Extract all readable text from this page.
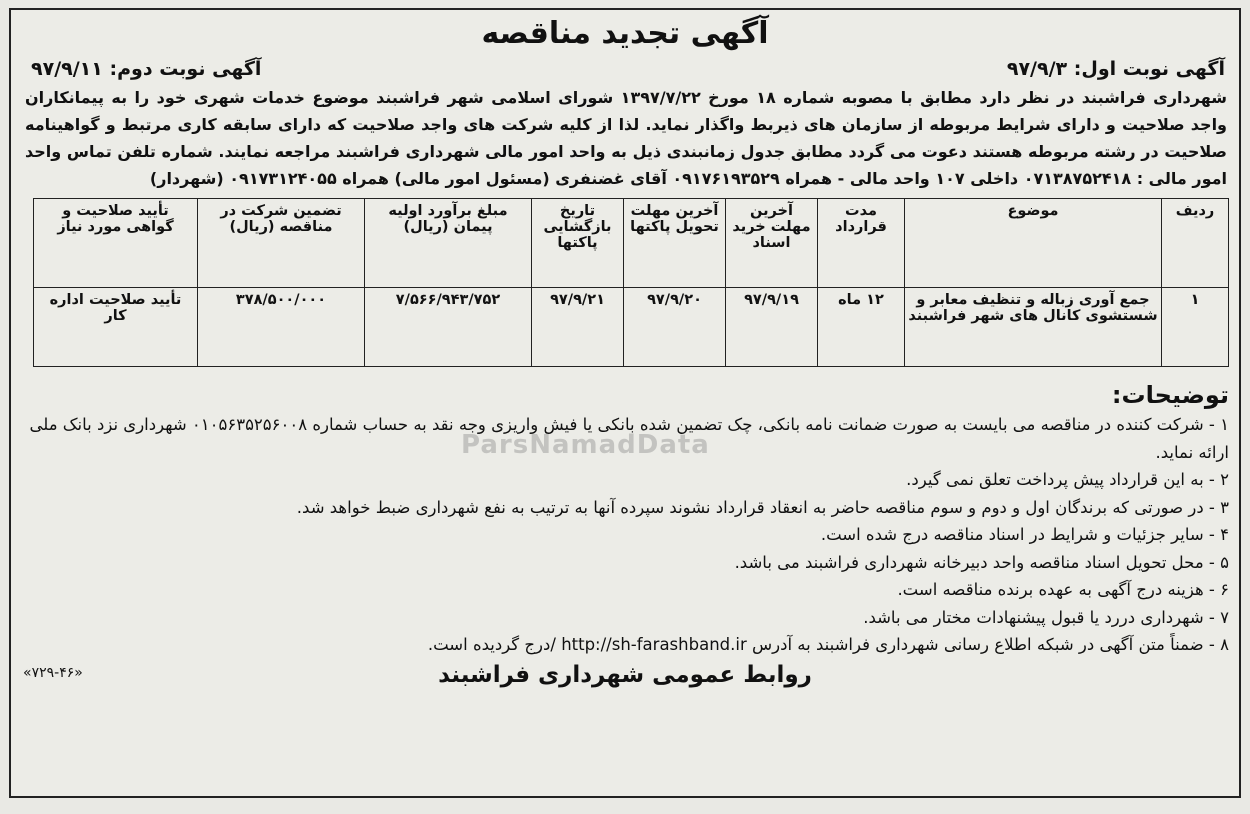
آگهی تجدید مناقصه
آگهی نوبت اول: ۹۷/۹/۳
آگهی نوبت دوم: ۹۷/۹/۱۱
شهرداری فراشبند در نظر دارد مطابق با مصوبه شماره ۱۸ مورخ ۱۳۹۷/۷/۲۲ شورای اسلامی شهر فراشبند موضوع خدمات شهری خود را به پیمانکاران واجد صلاحیت و دارای شرایط مربوطه از سازمان های ذیربط واگذار نماید. لذا از کلیه شرکت های واجد صلاحیت که دارای سابقه کاری مرتبط و گواهینامه صلاحیت در رشته مربوطه هستند دعوت می گردد مطابق جدول زمانبندی ذیل به واحد امور مالی شهرداری فراشبند مراجعه نمایند. شماره تلفن تماس واحد امور مالی : ۰۷۱۳۸۷۵۲۴۱۸ داخلی ۱۰۷ واحد مالی - همراه ۰۹۱۷۶۱۹۳۵۲۹ آقای غضنفری (مسئول امور مالی) همراه ۰۹۱۷۳۱۲۴۰۵۵ (شهردار)
ردیف	موضوع	مدت قرارداد	آخرین مهلت خرید اسناد	آخرین مهلت تحویل پاکتها	تاریخ بازگشایی پاکتها	مبلغ برآورد اولیه پیمان (ریال)	تضمین شرکت در مناقصه (ریال)	تأیید صلاحیت و گواهی مورد نیاز
۱	جمع آوری زباله و تنظیف معابر و شستشوی کانال های شهر فراشبند	۱۲ ماه	۹۷/۹/۱۹	۹۷/۹/۲۰	۹۷/۹/۲۱	۷/۵۶۶/۹۴۳/۷۵۲	۳۷۸/۵۰۰/۰۰۰	تأیید صلاحیت اداره کار
توضیحات:

۱ - شرکت کننده در مناقصه می بایست به صورت ضمانت نامه بانکی، چک تضمین شده بانکی یا فیش واریزی وجه نقد به حساب شماره ۰۱۰۵۶۳۵۲۵۶۰۰۸ شهرداری نزد بانک ملی ارائه نماید.

۲ - به این قرارداد پیش پرداخت تعلق نمی گیرد.

۳ - در صورتی که برندگان اول و دوم و سوم مناقصه حاضر به انعقاد قرارداد نشوند سپرده آنها به ترتیب به نفع شهرداری ضبط خواهد شد.

۴ - سایر جزئیات و شرایط در اسناد مناقصه درج شده است.

۵ - محل تحویل اسناد مناقصه واحد دبیرخانه شهرداری فراشبند می باشد.

۶ - هزینه درج آگهی به عهده برنده مناقصه است.

۷ - شهرداری دررد یا قبول پیشنهادات مختار می باشد.

۸ - ضمناً متن آگهی در شبکه اطلاع رسانی شهرداری فراشبند به آدرس http://sh-farashband.ir /درج گردیده است.

روابط عمومی شهرداری فراشبند
«۷۲۹-۴۶»
ParsNamadData
